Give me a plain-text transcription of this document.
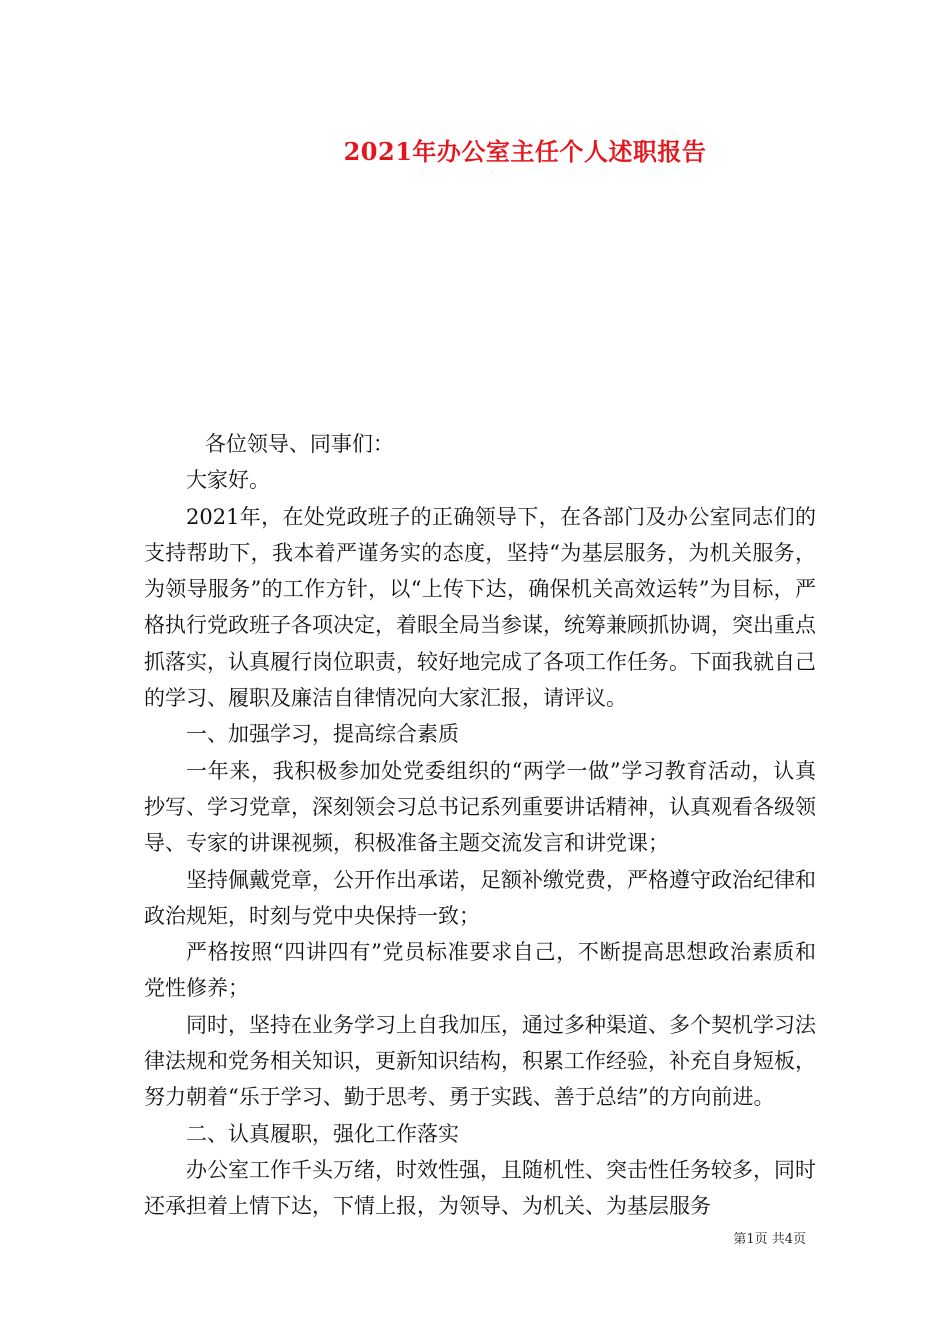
2021年办公室主任个人述职报告

各位领导、同事们：

大家好。

2021年，在处党政班子的正确领导下，在各部门及办公室同志们的支持帮助下，我本着严谨务实的态度，坚持“为基层服务，为机关服务，为领导服务”的工作方针，以“上传下达，确保机关高效运转”为目标，严格执行党政班子各项决定，着眼全局当参谋，统筹兼顾抓协调，突出重点抓落实，认真履行岗位职责，较好地完成了各项工作任务。下面我就自己的学习、履职及廉洁自律情况向大家汇报，请评议。

一、加强学习，提高综合素质

一年来，我积极参加处党委组织的“两学一做”学习教育活动，认真抄写、学习党章，深刻领会习总书记系列重要讲话精神，认真观看各级领导、专家的讲课视频，积极准备主题交流发言和讲党课；

坚持佩戴党章，公开作出承诺，足额补缴党费，严格遵守政治纪律和政治规矩，时刻与党中央保持一致；

严格按照“四讲四有”党员标准要求自己，不断提高思想政治素质和党性修养；

同时，坚持在业务学习上自我加压，通过多种渠道、多个契机学习法律法规和党务相关知识，更新知识结构，积累工作经验，补充自身短板，努力朝着“乐于学习、勤于思考、勇于实践、善于总结”的方向前进。

二、认真履职，强化工作落实

办公室工作千头万绪，时效性强，且随机性、突击性任务较多，同时还承担着上情下达，下情上报，为领导、为机关、为基层服务

第1页 共4页
